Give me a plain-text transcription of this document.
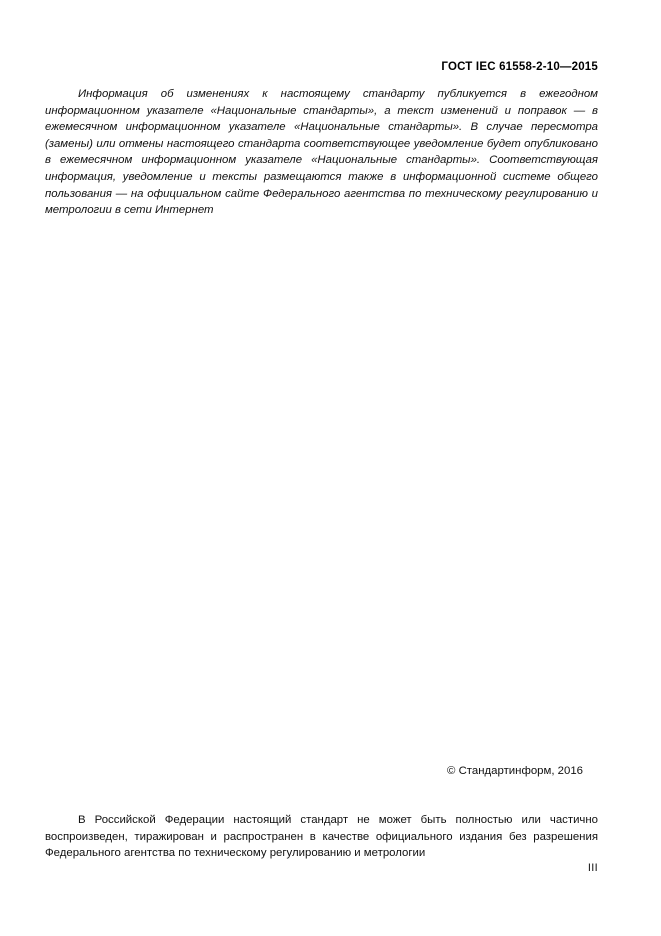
ГОСТ IEC 61558-2-10—2015

Информация об изменениях к настоящему стандарту публикуется в ежегодном информационном указателе «Национальные стандарты», а текст изменений и поправок — в ежемесячном информационном указателе «Национальные стандарты». В случае пересмотра (замены) или отмены настоящего стандарта соответствующее уведомление будет опубликовано в ежемесячном информационном указателе «Национальные стандарты». Соответствующая информация, уведомление и тексты размещаются также в информационной системе общего пользования — на официальном сайте Федерального агентства по техническому регулированию и метрологии в сети Интернет

© Стандартинформ, 2016

В Российской Федерации настоящий стандарт не может быть полностью или частично воспроизведен, тиражирован и распространен в качестве официального издания без разрешения Федерального агентства по техническому регулированию и метрологии

III
